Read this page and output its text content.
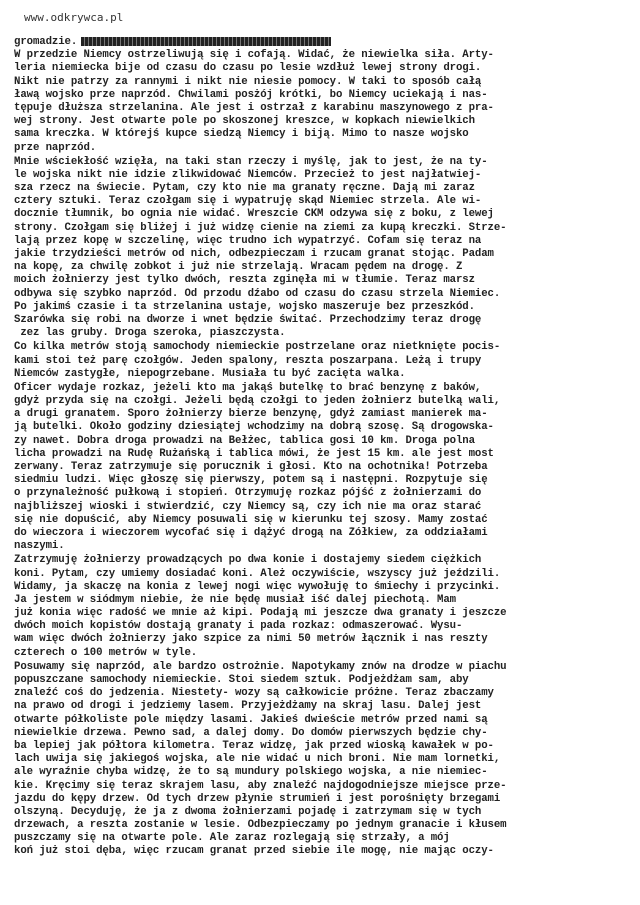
www.odkrywca.pl
gromadzie.
W przedzie Niemcy ostrzeliwują się i cofają. Widać, że niewielka siła. Arty-
leria niemiecka bije od czasu do czasu po lesie wzdłuż lewej strony drogi.
Nikt nie patrzy za rannymi i nikt nie niesie pomocy. W taki to sposób całą
ławą wojsko prze naprzód. Chwilami posżój krótki, bo Niemcy uciekają i nas-
tępuje dłuższa strzelanina. Ale jest i ostrzał z karabinu maszynowego z pra-
wej strony. Jest otwarte pole po skoszonej kreszce, w kopkach niewielkich
sama kreczka. W którejś kupce siedzą Niemcy i biją. Mimo to nasze wojsko
prze naprzód.
Mnie wściekłość wzięła, na taki stan rzeczy i myślę, jak to jest, że na ty-
le wojska nikt nie idzie zlikwidować Niemców. Przecież to jest najłatwiej-
sza rzecz na świecie. Pytam, czy kto nie ma granaty ręczne. Dają mi zaraz
cztery sztuki. Teraz czołgam się i wypatruję skąd Niemiec strzela. Ale wi-
docznie tłumnik, bo ognia nie widać. Wreszcie CKM odzywa się z boku, z lewej
strony. Czołgam się bliżej i już widzę cienie na ziemi za kupą kreczki. Strze-
lają przez kopę w szczelinę, więc trudno ich wypatrzyć. Cofam się teraz na
jakie trzydzieści metrów od nich, odbezpieczam i rzucam granat stojąc. Padam
na kopę, za chwilę zobkot i już nie strzelają. Wracam pędem na drogę. Z
moich żołnierzy jest tylko dwóch, reszta zginęła mi w tłumie. Teraz marsz
odbywa się szybko naprzód. Od przodu dźabo od czasu do czasu strzela Niemiec.
Po jakimś czasie i ta strzelanina ustaje, wojsko maszeruje bez przeszkód.
Szarówka się robi na dworze i wnet będzie świtać. Przechodzimy teraz drogę
zez las gruby. Droga szeroka, piaszczysta.
Co kilka metrów stoją samochody niemieckie postrzelane oraz nietknięte pocis-
kami stoi też parę czołgów. Jeden spalony, reszta poszarpana. Leżą i trupy
Niemców zastygłe, niepogrzebane. Musiała tu być zacięta walka.
Oficer wydaje rozkaz, jeżeli kto ma jakąś butelkę to brać benzynę z baków,
gdyż przyda się na czołgi. Jeżeli będą czołgi to jeden żołnierz butelką wali,
a drugi granatem. Sporo żołnierzy bierze benzynę, gdyż zamiast manierek ma-
ją butelki. Około godziny dziesiątej wchodzimy na dobrą szosę. Są drogowska-
zy nawet. Dobra droga prowadzi na Bełżec, tablica gosi 10 km. Droga polna
licha prowadzi na Rudę Rużańską i tablica mówi, że jest 15 km. ale jest most
zerwany. Teraz zatrzymuje się porucznik i głosi. Kto na ochotnika! Potrzeba
siedmiu ludzi. Więc głoszę się pierwszy, potem są i następni. Rozpytuje się
o przynależność pułkową i stopień. Otrzymuję rozkaz pójść z żołnierzami do
najbliższej wioski i stwierdzić, czy Niemcy są, czy ich nie ma oraz starać
się nie dopuścić, aby Niemcy posuwali się w kierunku tej szosy. Mamy zostać
do wieczora i wieczorem wycofać się i dążyć drogą na Żółkiew, za oddziałami
naszymi.
Zatrzymuję żołnierzy prowadzących po dwa konie i dostajemy siedem ciężkich
koni. Pytam, czy umiemy dosiadać koni. Ależ oczywiście, wszyscy już jeździli.
Widamy, ja skaczę na konia z lewej nogi więc wywołuję to śmiechy i przycinki.
Ja jestem w siódmym niebie, że nie będę musiał iść dalej piechotą. Mam
już konia więc radość we mnie aż kipi. Podają mi jeszcze dwa granaty i jeszcze
dwóch moich kopistów dostają granaty i pada rozkaz: odmaszerować. Wysu-
wam więc dwóch żołnierzy jako szpice za nimi 50 metrów łącznik i nas reszty
czterech o 100 metrów w tyle.
Posuwamy się naprzód, ale bardzo ostrożnie. Napotykamy znów na drodze w piachu
popuszczane samochody niemieckie. Stoi siedem sztuk. Podjeżdżam sam, aby
znaleźć coś do jedzenia. Niestety- wozy są całkowicie próżne. Teraz zbaczamy
na prawo od drogi i jedziemy lasem. Przyjeżdżamy na skraj lasu. Dalej jest
otwarte półkoliste pole między lasami. Jakieś dwieście metrów przed nami są
niewielkie drzewa. Pewno sad, a dalej domy. Do domów pierwszych będzie chy-
ba lepiej jak półtora kilometra. Teraz widzę, jak przed wioską kawałek w po-
lach uwija się jakiegoś wojska, ale nie widać u nich broni. Nie mam lornetki,
ale wyraźnie chyba widzę, że to są mundury polskiego wojska, a nie niemiec-
kie. Kręcimy się teraz skrajem lasu, aby znaleźć najdogodniejsze miejsce prze-
jazdu do kępy drzew. Od tych drzew płynie strumień i jest porośnięty brzegami
olszyną. Decyduję, że ja z dwoma żołnierzami pojadę i zatrzymam się w tych
drzewach, a reszta zostanie w lesie. Odbezpieczamy po jednym granacie i kłusem
puszczamy się na otwarte pole. Ale zaraz rozlegają się strzały, a mój
koń już stoi dęba, więc rzucam granat przed siebie ile mogę, nie mając oczy-
